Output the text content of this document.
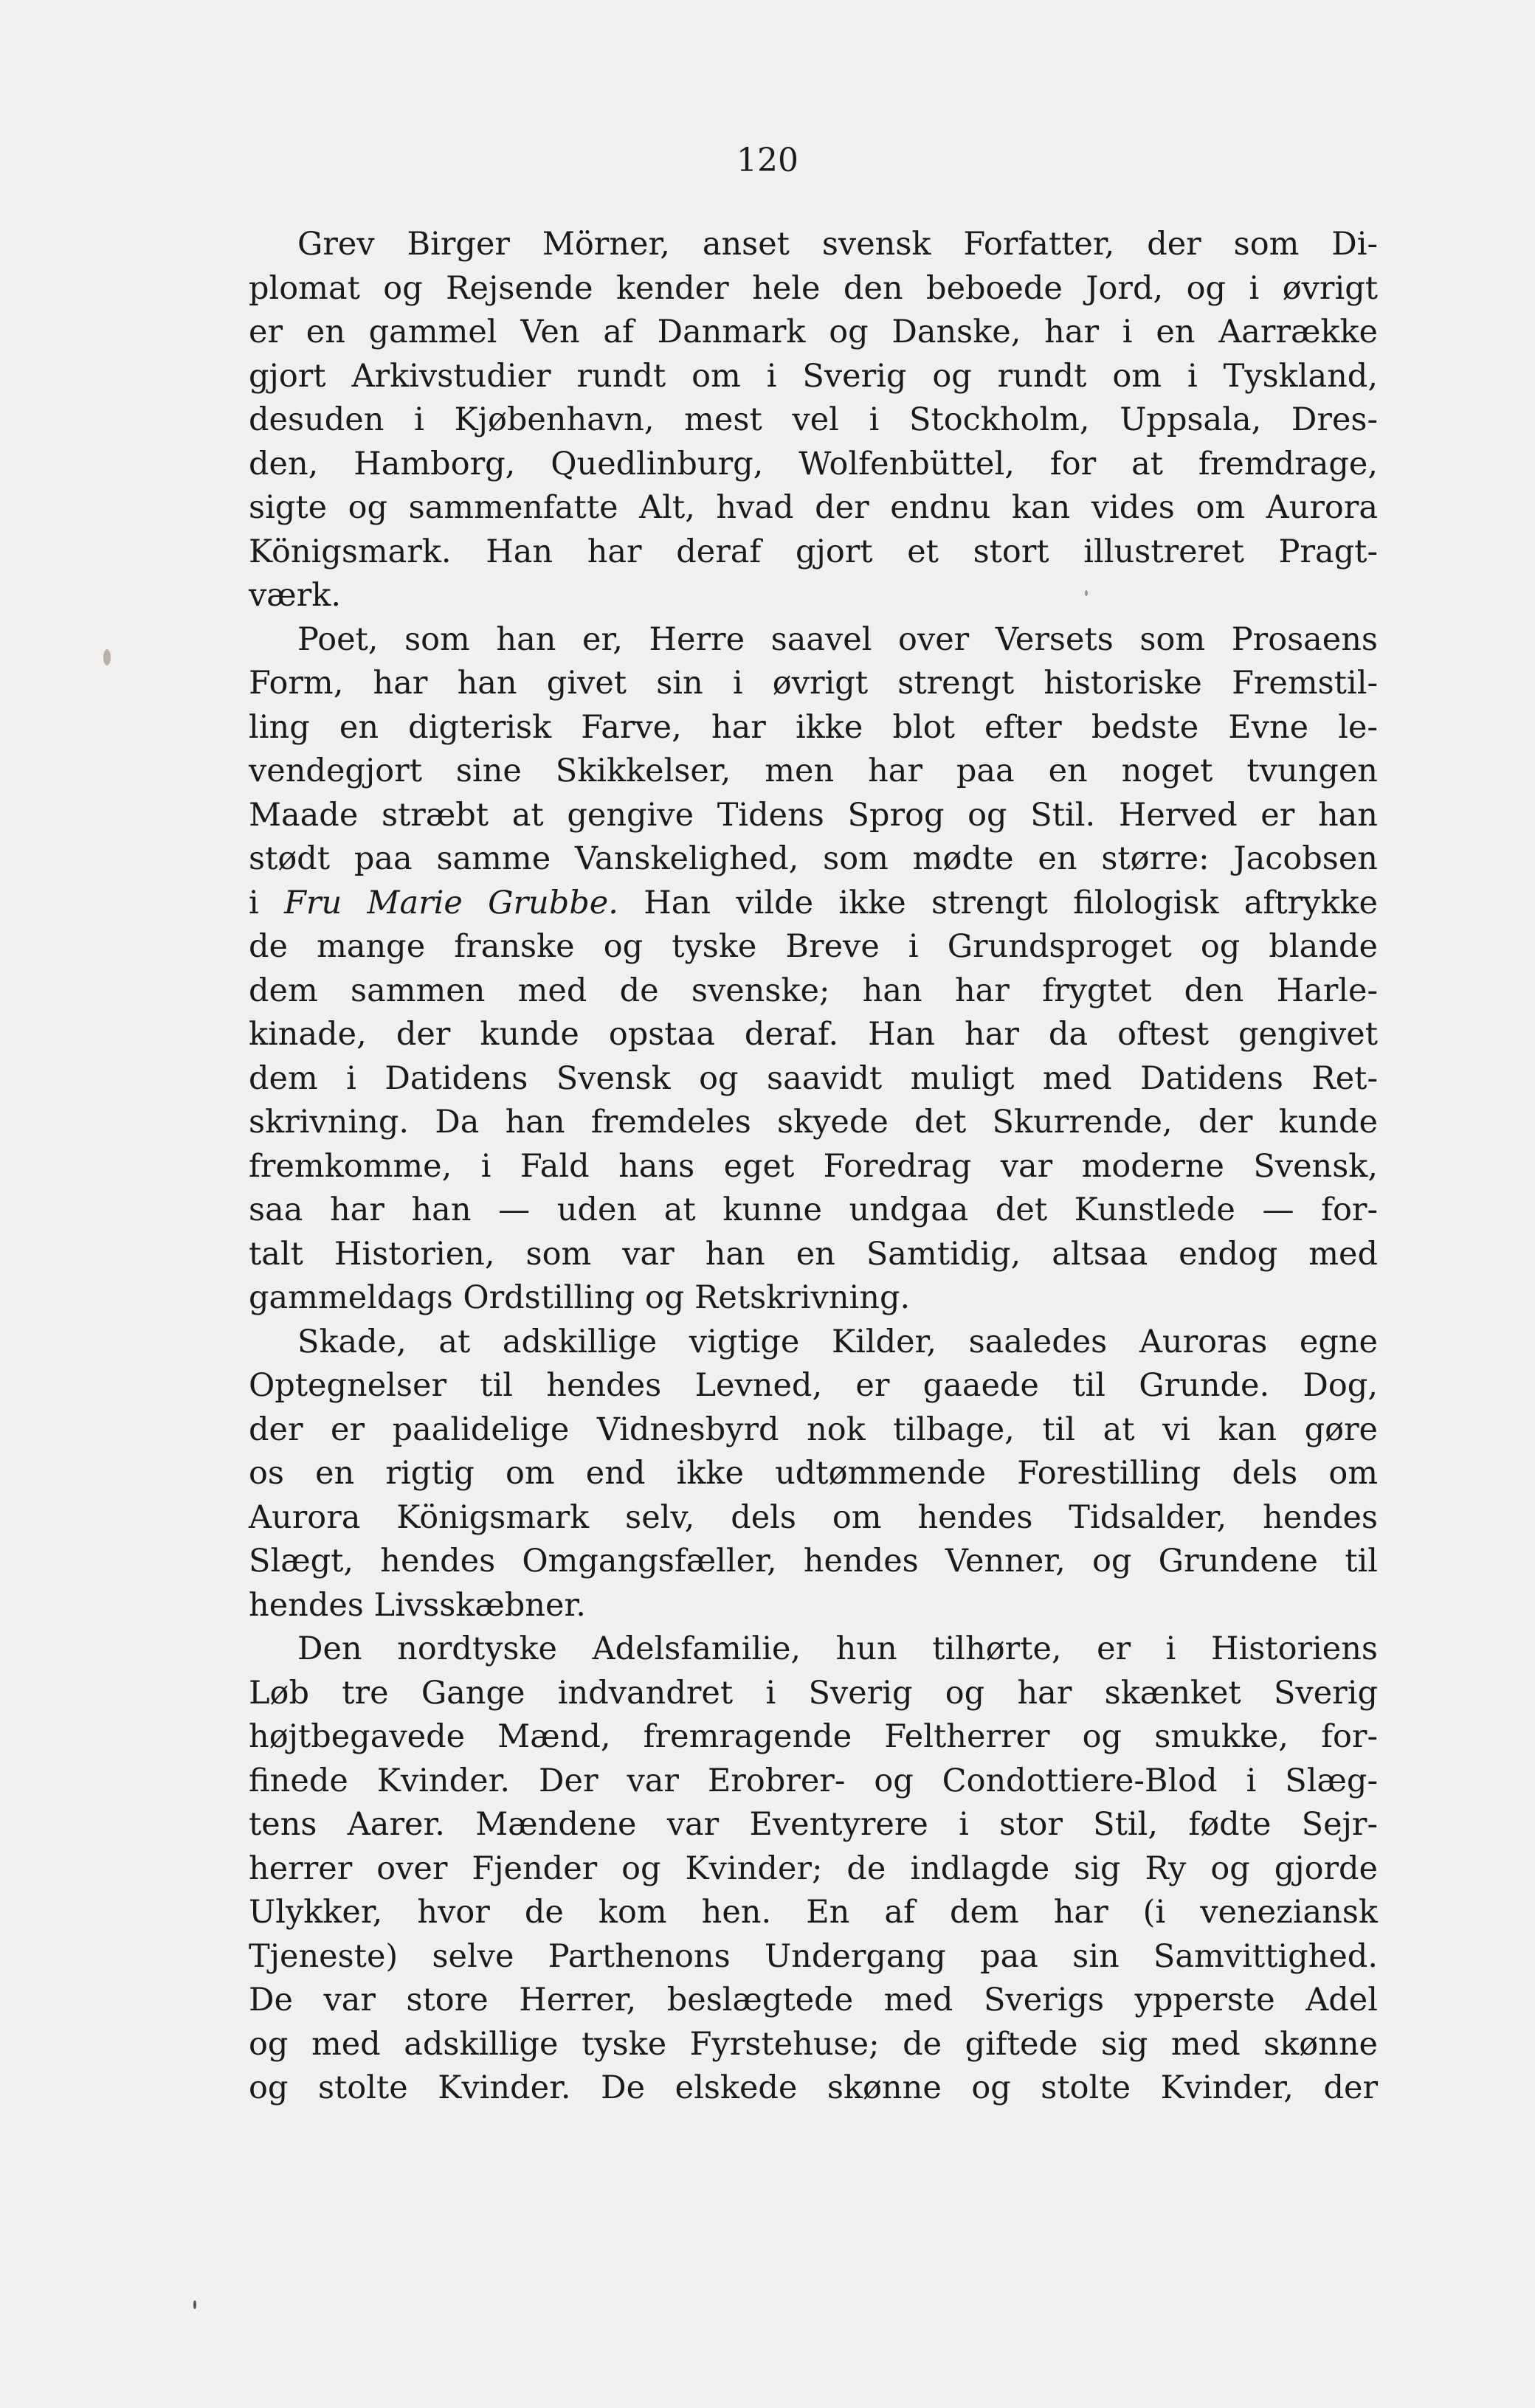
120
Grev Birger Mörner, anset svensk Forfatter, der som Di-
plomat og Rejsende kender hele den beboede Jord, og i øvrigt
er en gammel Ven af Danmark og Danske, har i en Aarrække
gjort Arkivstudier rundt om i Sverig og rundt om i Tyskland,
desuden i Kjøbenhavn, mest vel i Stockholm, Uppsala, Dres-
den, Hamborg, Quedlinburg, Wolfenbüttel, for at fremdrage,
sigte og sammenfatte Alt, hvad der endnu kan vides om Aurora
Königsmark. Han har deraf gjort et stort illustreret Pragt-
værk.
Poet, som han er, Herre saavel over Versets som Prosaens
Form, har han givet sin i øvrigt strengt historiske Fremstil-
ling en digterisk Farve, har ikke blot efter bedste Evne le-
vendegjort sine Skikkelser, men har paa en noget tvungen
Maade stræbt at gengive Tidens Sprog og Stil. Herved er han
stødt paa samme Vanskelighed, som mødte en større: Jacobsen
i Fru Marie Grubbe. Han vilde ikke strengt filologisk aftrykke
de mange franske og tyske Breve i Grundsproget og blande
dem sammen med de svenske; han har frygtet den Harle-
kinade, der kunde opstaa deraf. Han har da oftest gengivet
dem i Datidens Svensk og saavidt muligt med Datidens Ret-
skrivning. Da han fremdeles skyede det Skurrende, der kunde
fremkomme, i Fald hans eget Foredrag var moderne Svensk,
saa har han — uden at kunne undgaa det Kunstlede — for-
talt Historien, som var han en Samtidig, altsaa endog med
gammeldags Ordstilling og Retskrivning.
Skade, at adskillige vigtige Kilder, saaledes Auroras egne
Optegnelser til hendes Levned, er gaaede til Grunde. Dog,
der er paalidelige Vidnesbyrd nok tilbage, til at vi kan gøre
os en rigtig om end ikke udtømmende Forestilling dels om
Aurora Königsmark selv, dels om hendes Tidsalder, hendes
Slægt, hendes Omgangsfæller, hendes Venner, og Grundene til
hendes Livsskæbner.
Den nordtyske Adelsfamilie, hun tilhørte, er i Historiens
Løb tre Gange indvandret i Sverig og har skænket Sverig
højtbegavede Mænd, fremragende Feltherrer og smukke, for-
finede Kvinder. Der var Erobrer- og Condottiere-Blod i Slæg-
tens Aarer. Mændene var Eventyrere i stor Stil, fødte Sejr-
herrer over Fjender og Kvinder; de indlagde sig Ry og gjorde
Ulykker, hvor de kom hen. En af dem har (i veneziansk
Tjeneste) selve Parthenons Undergang paa sin Samvittighed.
De var store Herrer, beslægtede med Sverigs ypperste Adel
og med adskillige tyske Fyrstehuse; de giftede sig med skønne
og stolte Kvinder. De elskede skønne og stolte Kvinder, der
